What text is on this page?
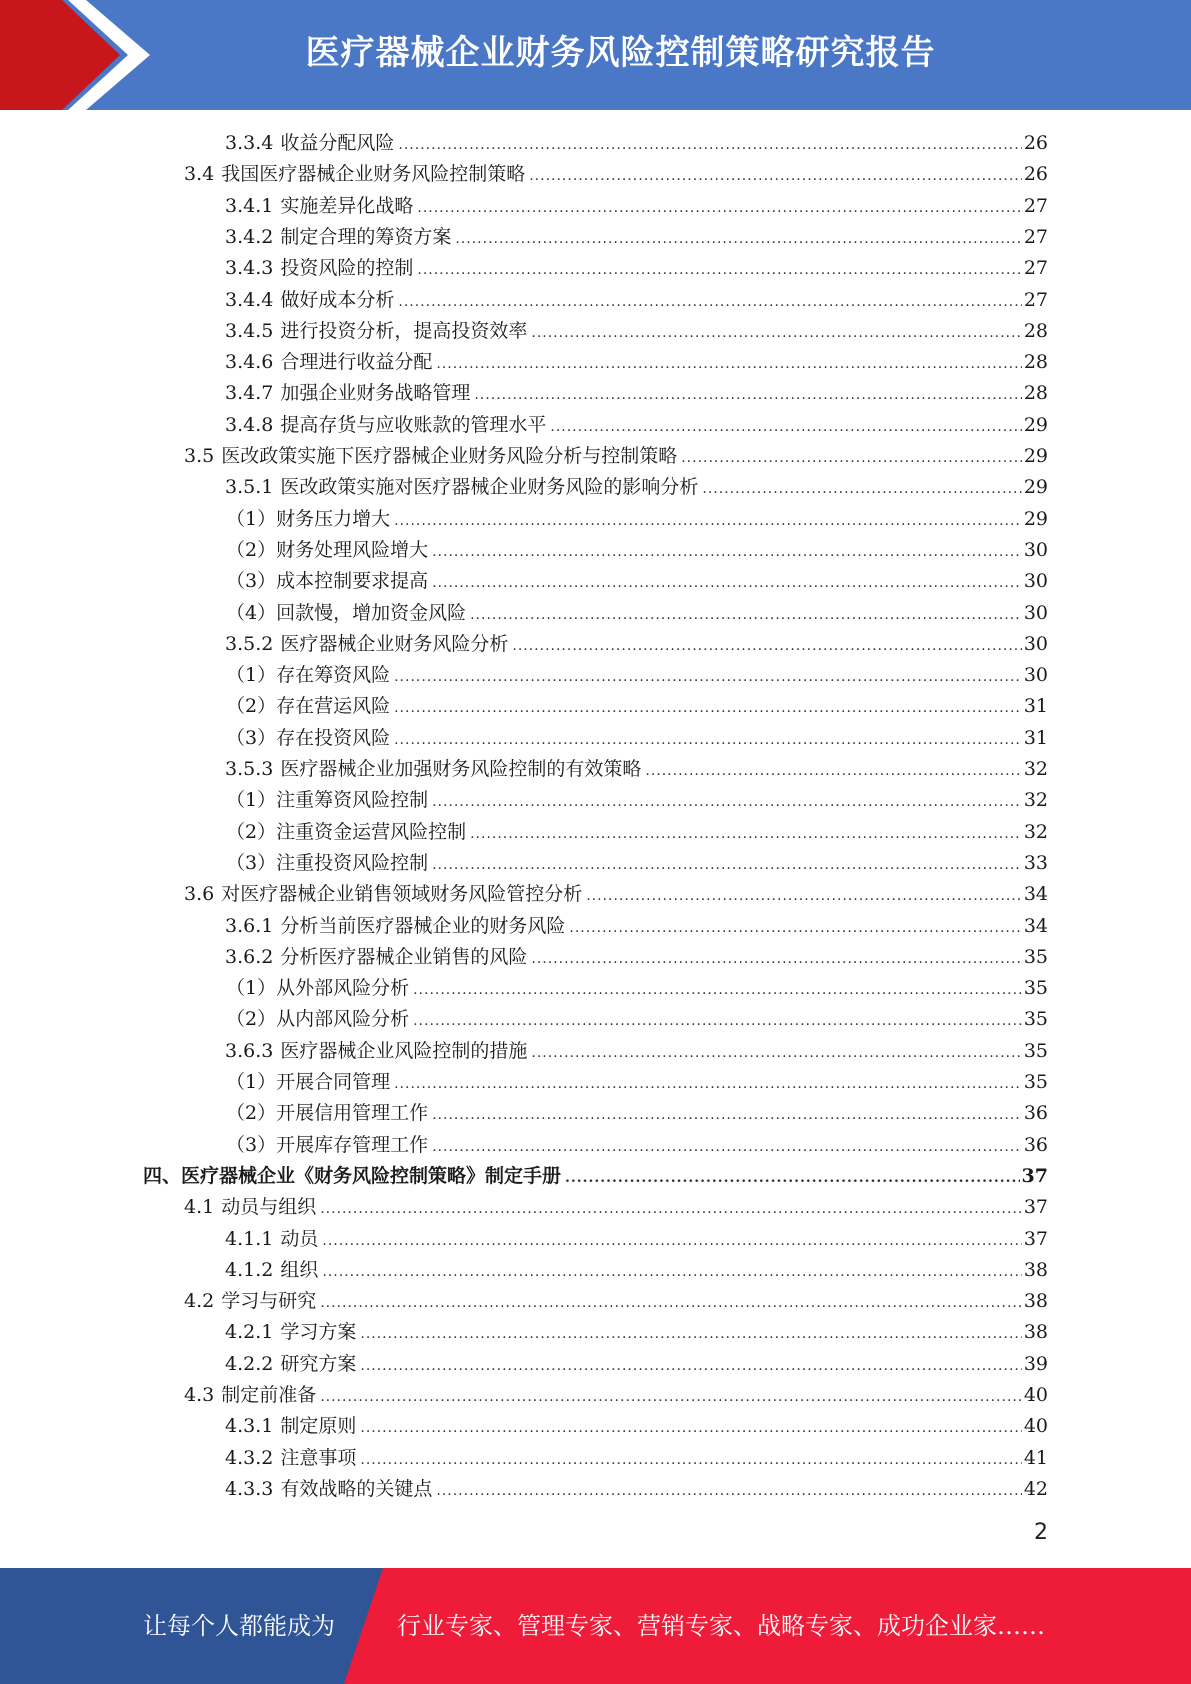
医疗器械企业财务风险控制策略研究报告
3.3.4 收益分配风险 .....	26
3.4 我国医疗器械企业财务风险控制策略 .....	26
3.4.1 实施差异化战略 .....	27
3.4.2 制定合理的筹资方案 .....	27
3.4.3 投资风险的控制 .....	27
3.4.4 做好成本分析 .....	27
3.4.5 进行投资分析，提高投资效率 .....	28
3.4.6 合理进行收益分配 .....	28
3.4.7 加强企业财务战略管理 .....	28
3.4.8 提高存货与应收账款的管理水平 .....	29
3.5 医改政策实施下医疗器械企业财务风险分析与控制策略 .....	29
3.5.1 医改政策实施对医疗器械企业财务风险的影响分析 .....	29
（1） 财务压力增大 .....	29
（2） 财务处理风险增大 .....	30
（3） 成本控制要求提高 .....	30
（4） 回款慢，增加资金风险 .....	30
3.5.2 医疗器械企业财务风险分析 .....	30
（1） 存在筹资风险 .....	30
（2） 存在营运风险 .....	31
（3） 存在投资风险 .....	31
3.5.3 医疗器械企业加强财务风险控制的有效策略 .....	32
（1） 注重筹资风险控制 .....	32
（2） 注重资金运营风险控制 .....	32
（3） 注重投资风险控制 .....	33
3.6 对医疗器械企业销售领域财务风险管控分析 .....	34
3.6.1 分析当前医疗器械企业的财务风险 .....	34
3.6.2 分析医疗器械企业销售的风险 .....	35
（1） 从外部风险分析 .....	35
（2） 从内部风险分析 .....	35
3.6.3 医疗器械企业风险控制的措施 .....	35
（1） 开展合同管理 .....	35
（2） 开展信用管理工作 .....	36
（3） 开展库存管理工作 .....	36
四、 医疗器械企业《财务风险控制策略》制定手册 .....	37
4.1 动员与组织 .....	37
4.1.1 动员 .....	37
4.1.2 组织 .....	38
4.2 学习与研究 .....	38
4.2.1 学习方案 .....	38
4.2.2 研究方案 .....	39
4.3 制定前准备 .....	40
4.3.1 制定原则 .....	40
4.3.2 注意事项 .....	41
4.3.3 有效战略的关键点 .....	42
2
让每个人都能成为	行业专家、管理专家、营销专家、战略专家、成功企业家……
